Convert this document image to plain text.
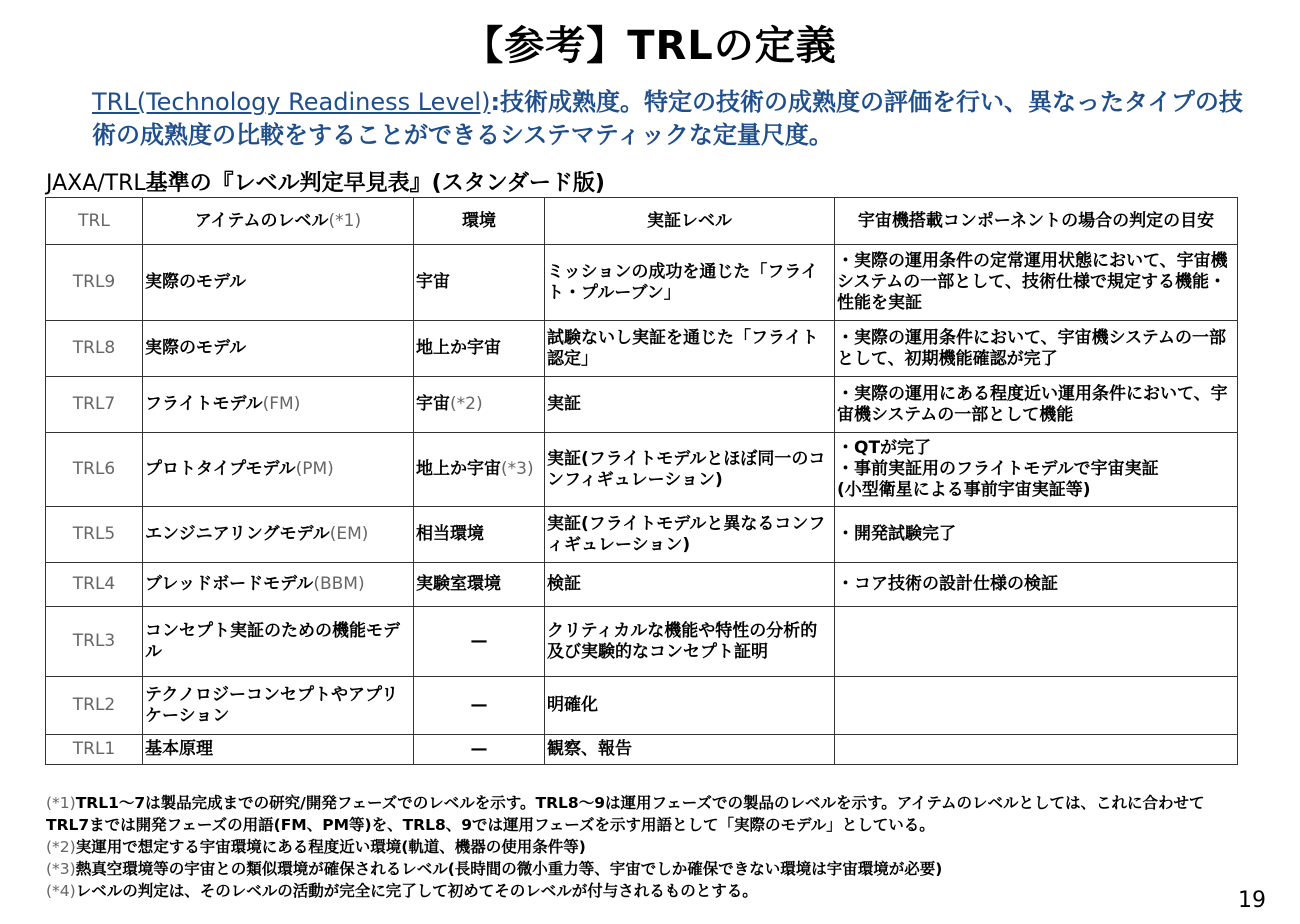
【参考】TRLの定義
TRL(Technology Readiness Level):技術成熟度。特定の技術の成熟度の評価を行い、異なったタイプの技術の成熟度の比較をすることができるシステマティックな定量尺度。
JAXA/TRL基準の『レベル判定早見表』(スタンダード版)
TRL	アイテムのレベル(*1)	環境	実証レベル	宇宙機搭載コンポーネントの場合の判定の目安
TRL9	実際のモデル	宇宙	ミッションの成功を通じた「フライト・プルーブン」	・実際の運用条件の定常運用状態において、宇宙機システムの一部として、技術仕様で規定する機能・性能を実証
TRL8	実際のモデル	地上か宇宙	試験ないし実証を通じた「フライト認定」	・実際の運用条件において、宇宙機システムの一部として、初期機能確認が完了
TRL7	フライトモデル(FM)	宇宙(*2)	実証	・実際の運用にある程度近い運用条件において、宇宙機システムの一部として機能
TRL6	プロトタイプモデル(PM)	地上か宇宙(*3)	実証(フライトモデルとほぼ同一のコンフィギュレーション)	・QTが完了
・事前実証用のフライトモデルで宇宙実証
(小型衛星による事前宇宙実証等)
TRL5	エンジニアリングモデル(EM)	相当環境	実証(フライトモデルと異なるコンフィギュレーション)	・開発試験完了
TRL4	ブレッドボードモデル(BBM)	実験室環境	検証	・コア技術の設計仕様の検証
TRL3	コンセプト実証のための機能モデル	—	クリティカルな機能や特性の分析的及び実験的なコンセプト証明	
TRL2	テクノロジーコンセプトやアプリケーション	—	明確化	
TRL1	基本原理	—	観察、報告	
(*1)TRL1〜7は製品完成までの研究/開発フェーズでのレベルを示す。TRL8〜9は運用フェーズでの製品のレベルを示す。アイテムのレベルとしては、これに合わせてTRL7までは開発フェーズの用語(FM、PM等)を、TRL8、9では運用フェーズを示す用語として「実際のモデル」としている。
(*2)実運用で想定する宇宙環境にある程度近い環境(軌道、機器の使用条件等)
(*3)熱真空環境等の宇宙との類似環境が確保されるレベル(長時間の微小重力等、宇宙でしか確保できない環境は宇宙環境が必要)
(*4)レベルの判定は、そのレベルの活動が完全に完了して初めてそのレベルが付与されるものとする。	19
